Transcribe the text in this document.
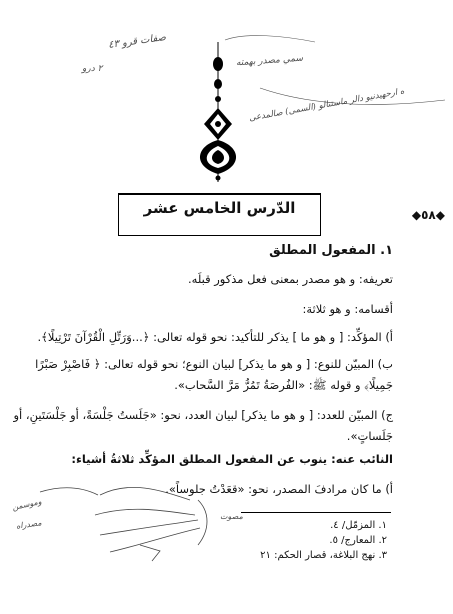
صفات قرو ٤٣
٢ درو
سمي مصدر بهمته
ه ارحهيدنيو دالر ماستنالو (السمى) صالمدعى
وموسمن
مصدراه
مصوت
الدّرس الخامس عشر	◆٥٨◆
١. المفعول المطلق
تعريفه: و هو مصدر بمعنى فعل مذكور قبلَه.
أقسامه: و هو ثلاثة:
أ) المؤكِّد: [ و هو ما ] يذكر للتأكيد: نحو قوله تعالى: ﴿...وَرَتِّلِ الْقُرْآنَ تَرْتِيلًا﴾.
ب) المبيّن للنوع: [ و هو ما يذكر] لبيان النوع؛ نحو قوله تعالى: ﴿ فَاصْبِرْ صَبْرًا
جَمِيلًا﴾ و قوله ﷺ: «الفُرصَةُ تَمُرُّ مَرَّ السَّحاب».
ج) المبيّن للعدد: [ و هو ما يذكر] لبيان العدد، نحو: «جَلَستُ جَلْسَةً، أو جَلْسَتَينِ، أو
جَلَساتٍ».
النائب عنه: ينوب عن المفعول المطلق المؤكِّد ثلاثةُ أشياء:
أ) ما كان مرادفَ المصدر، نحو: «قعَدْتُ جلوساً».
١. المزمّل/ ٤.
٢. المعارج/ ٥.
٣. نهج البلاغة، قصار الحكم: ٢١
